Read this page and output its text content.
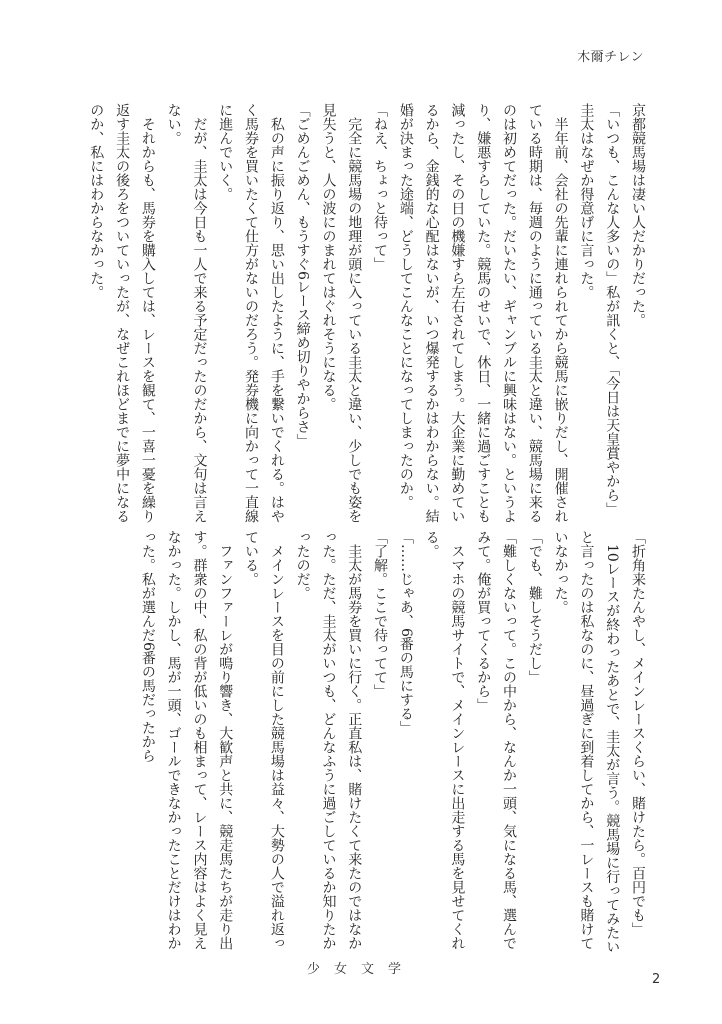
木爾チレン

京都競馬場は凄い人だかりだった。

「いつも、こんな人多いの」私が訊くと、「今日は天皇賞やから」圭太はなぜか得意げに言った。

半年前、会社の先輩に連れられてから競馬に嵌りだし、開催されている時期は、毎週のように通っている圭太と違い、競馬場に来るのは初めてだった。だいたい、ギャンブルに興味はない。というより、嫌悪すらしていた。競馬のせいで、休日、一緒に過ごすことも減ったし、その日の機嫌すら左右されてしまう。大企業に勤めているから、金銭的な心配はないが、いつ爆発するかはわからない。結婚が決まった途端、どうしてこんなことになってしまったのか。

「ねえ、ちょっと待って」

完全に競馬場の地理が頭に入っている圭太と違い、少しでも姿を見失うと、人の波にのまれてはぐれそうになる。

「ごめんごめん、もうすぐ6レース締め切りやからさ」

私の声に振り返り、思い出したように、手を繋いでくれる。はやく馬券を買いたくて仕方がないのだろう。発券機に向かって一直線に進んでいく。

だが、圭太は今日も一人で来る予定だったのだから、文句は言えない。

それからも、馬券を購入しては、レースを観て、一喜一憂を繰り返す圭太の後ろをついていったが、なぜこれほどまでに夢中になるのか、私にはわからなかった。

「折角来たんやし、メインレースくらい、賭けたら。百円でも」

10レースが終わったあとで、圭太が言う。競馬場に行ってみたいと言ったのは私なのに、昼過ぎに到着してから、一レースも賭けていなかった。

「でも、難しそうだし」

「難しくないって。この中から、なんか一頭、気になる馬、選んでみて。俺が買ってくるから」

スマホの競馬サイトで、メインレースに出走する馬を見せてくれる。

「……じゃあ、6番の馬にする」

「了解。ここで待ってて」

圭太が馬券を買いに行く。正直私は、賭けたくて来たのではなかった。ただ、圭太がいつも、どんなふうに過ごしているか知りたかったのだ。

メインレースを目の前にした競馬場は益々、大勢の人で溢れ返っている。

ファンファーレが鳴り響き、大歓声と共に、競走馬たちが走り出す。群衆の中、私の背が低いのも相まって、レース内容はよく見えなかった。しかし、馬が一頭、ゴールできなかったことだけはわかった。私が選んだ6番の馬だったから

少女文学
2
